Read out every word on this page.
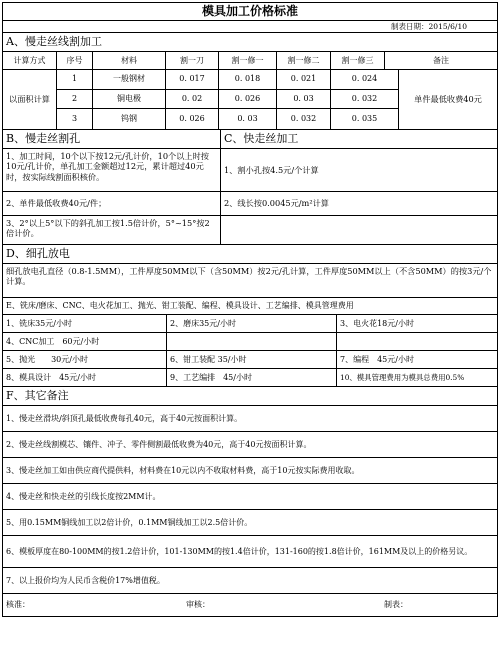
模具加工价格标准
制表日期：2015/6/10
A、慢走丝线割加工
计算方式	序号	材料	割一刀	割一修一	割一修二	割一修三	备注
以面积计算
1	一般钢材	0. 017	0. 018	0. 021	0. 024
2	铜电极	0. 02	0. 026	0. 03	0. 032
3	钨钢	0. 026	0. 03	0. 032	0. 035
单件最低收费40元
B、慢走丝割孔	C、快走丝加工
1、加工时间，10个以下按12元/孔计价，10个以上时按10元/孔计价，单孔加工金额超过12元，累计超过40元时，按实际线割面积核价。
2、单件最低收费40元/件；
3、2°以上5°以下的斜孔加工按1.5倍计价，5°~15°按2倍计价。
1、割小孔按4.5元/个计算
2、线长按0.0045元/m²计算
D、细孔放电
细孔放电孔直径（0.8-1.5MM），工件厚度50MM以下（含50MM）按2元/孔计算，工件厚度50MM以上（不含50MM）的按3元/个计算。
E、铣床/磨床、CNC、电火花加工、抛光、钳工装配、编程、模具设计、工艺编排、模具管理费用
1、铣床35元/小时	2、磨床35元/小时	3、电火花18元/小时
4、CNC加工　60元/小时
5、抛光　　30元/小时	6、钳工装配 35/小时	7、编程　45元/小时
8、模具设计　45元/小时	9、工艺编排　45/小时	10、模具管理费用为模具总费用0.5%
F、其它备注
1、慢走丝滑块/斜顶孔最低收费每孔40元，高于40元按面积计算。
2、慢走丝线割模芯、镶件、冲子、零件侧割最低收费为40元，高于40元按面积计算。
3、慢走丝加工如由供应商代提供料，材料费在10元以内不收取材料费，高于10元按实际费用收取。
4、慢走丝和快走丝的引线长度按2MM计。
5、用0.15MM铜线加工以2倍计价，0.1MM铜线加工以2.5倍计价。
6、模板厚度在80-100MM的按1.2倍计价，101-130MM的按1.4倍计价，131-160的按1.8倍计价，161MM及以上的价格另议。
7、以上报价均为人民币含税价17%增值税。
核准：	审核：	制表：
